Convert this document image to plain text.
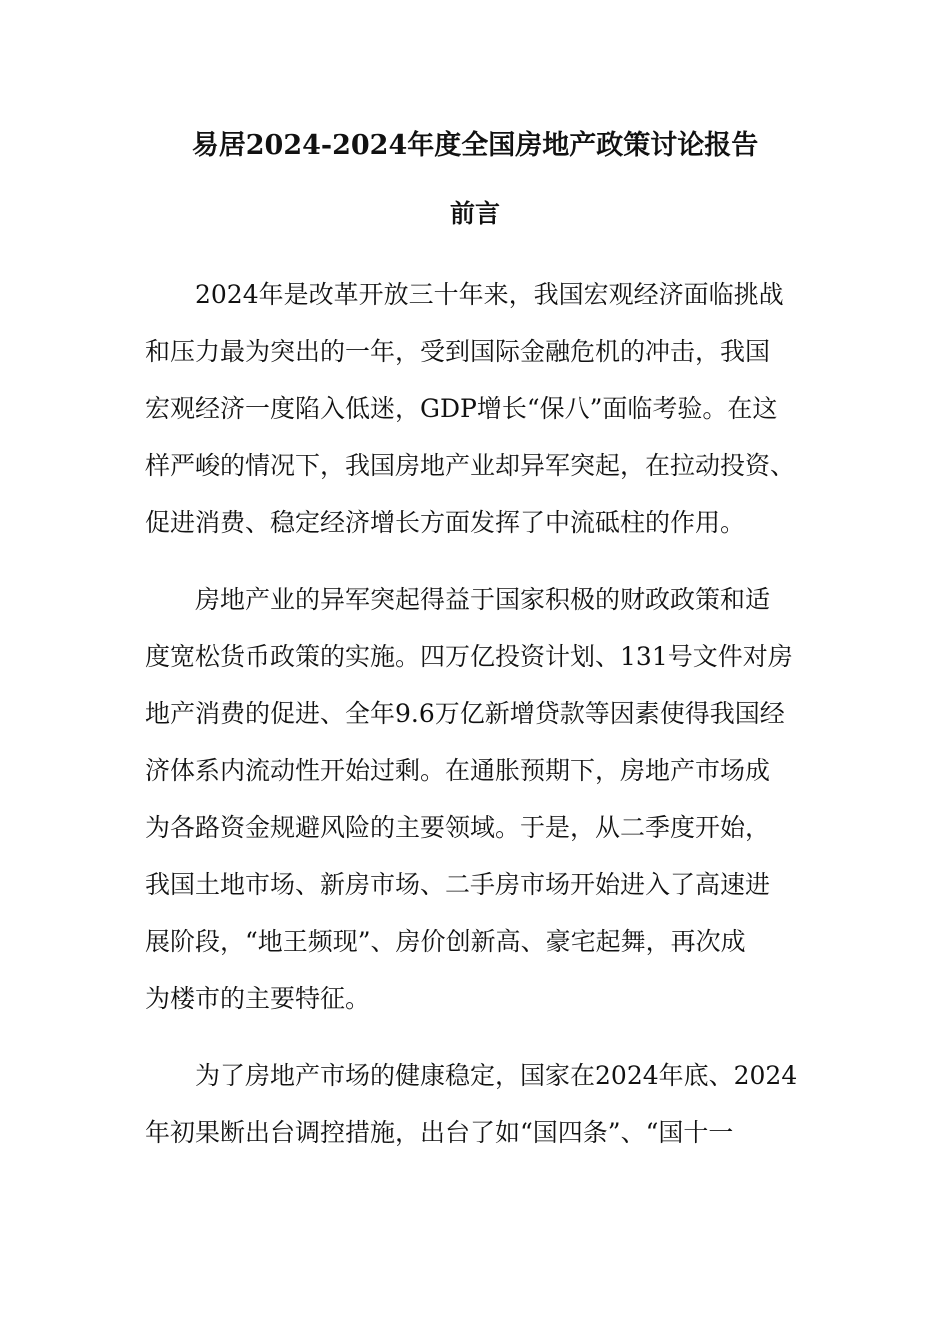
易居2024-2024年度全国房地产政策讨论报告
前言
2024年是改革开放三十年来，我国宏观经济面临挑战
和压力最为突出的一年，受到国际金融危机的冲击，我国
宏观经济一度陷入低迷，GDP增长“保八”面临考验。在这
样严峻的情况下，我国房地产业却异军突起，在拉动投资、
促进消费、稳定经济增长方面发挥了中流砥柱的作用。
房地产业的异军突起得益于国家积极的财政政策和适
度宽松货币政策的实施。四万亿投资计划、131号文件对房
地产消费的促进、全年9.6万亿新增贷款等因素使得我国经
济体系内流动性开始过剩。在通胀预期下，房地产市场成
为各路资金规避风险的主要领域。于是，从二季度开始，
我国土地市场、新房市场、二手房市场开始进入了高速进
展阶段，“地王频现”、房价创新高、豪宅起舞，再次成
为楼市的主要特征。
为了房地产市场的健康稳定，国家在2024年底、2024
年初果断出台调控措施，出台了如“国四条”、“国十一
